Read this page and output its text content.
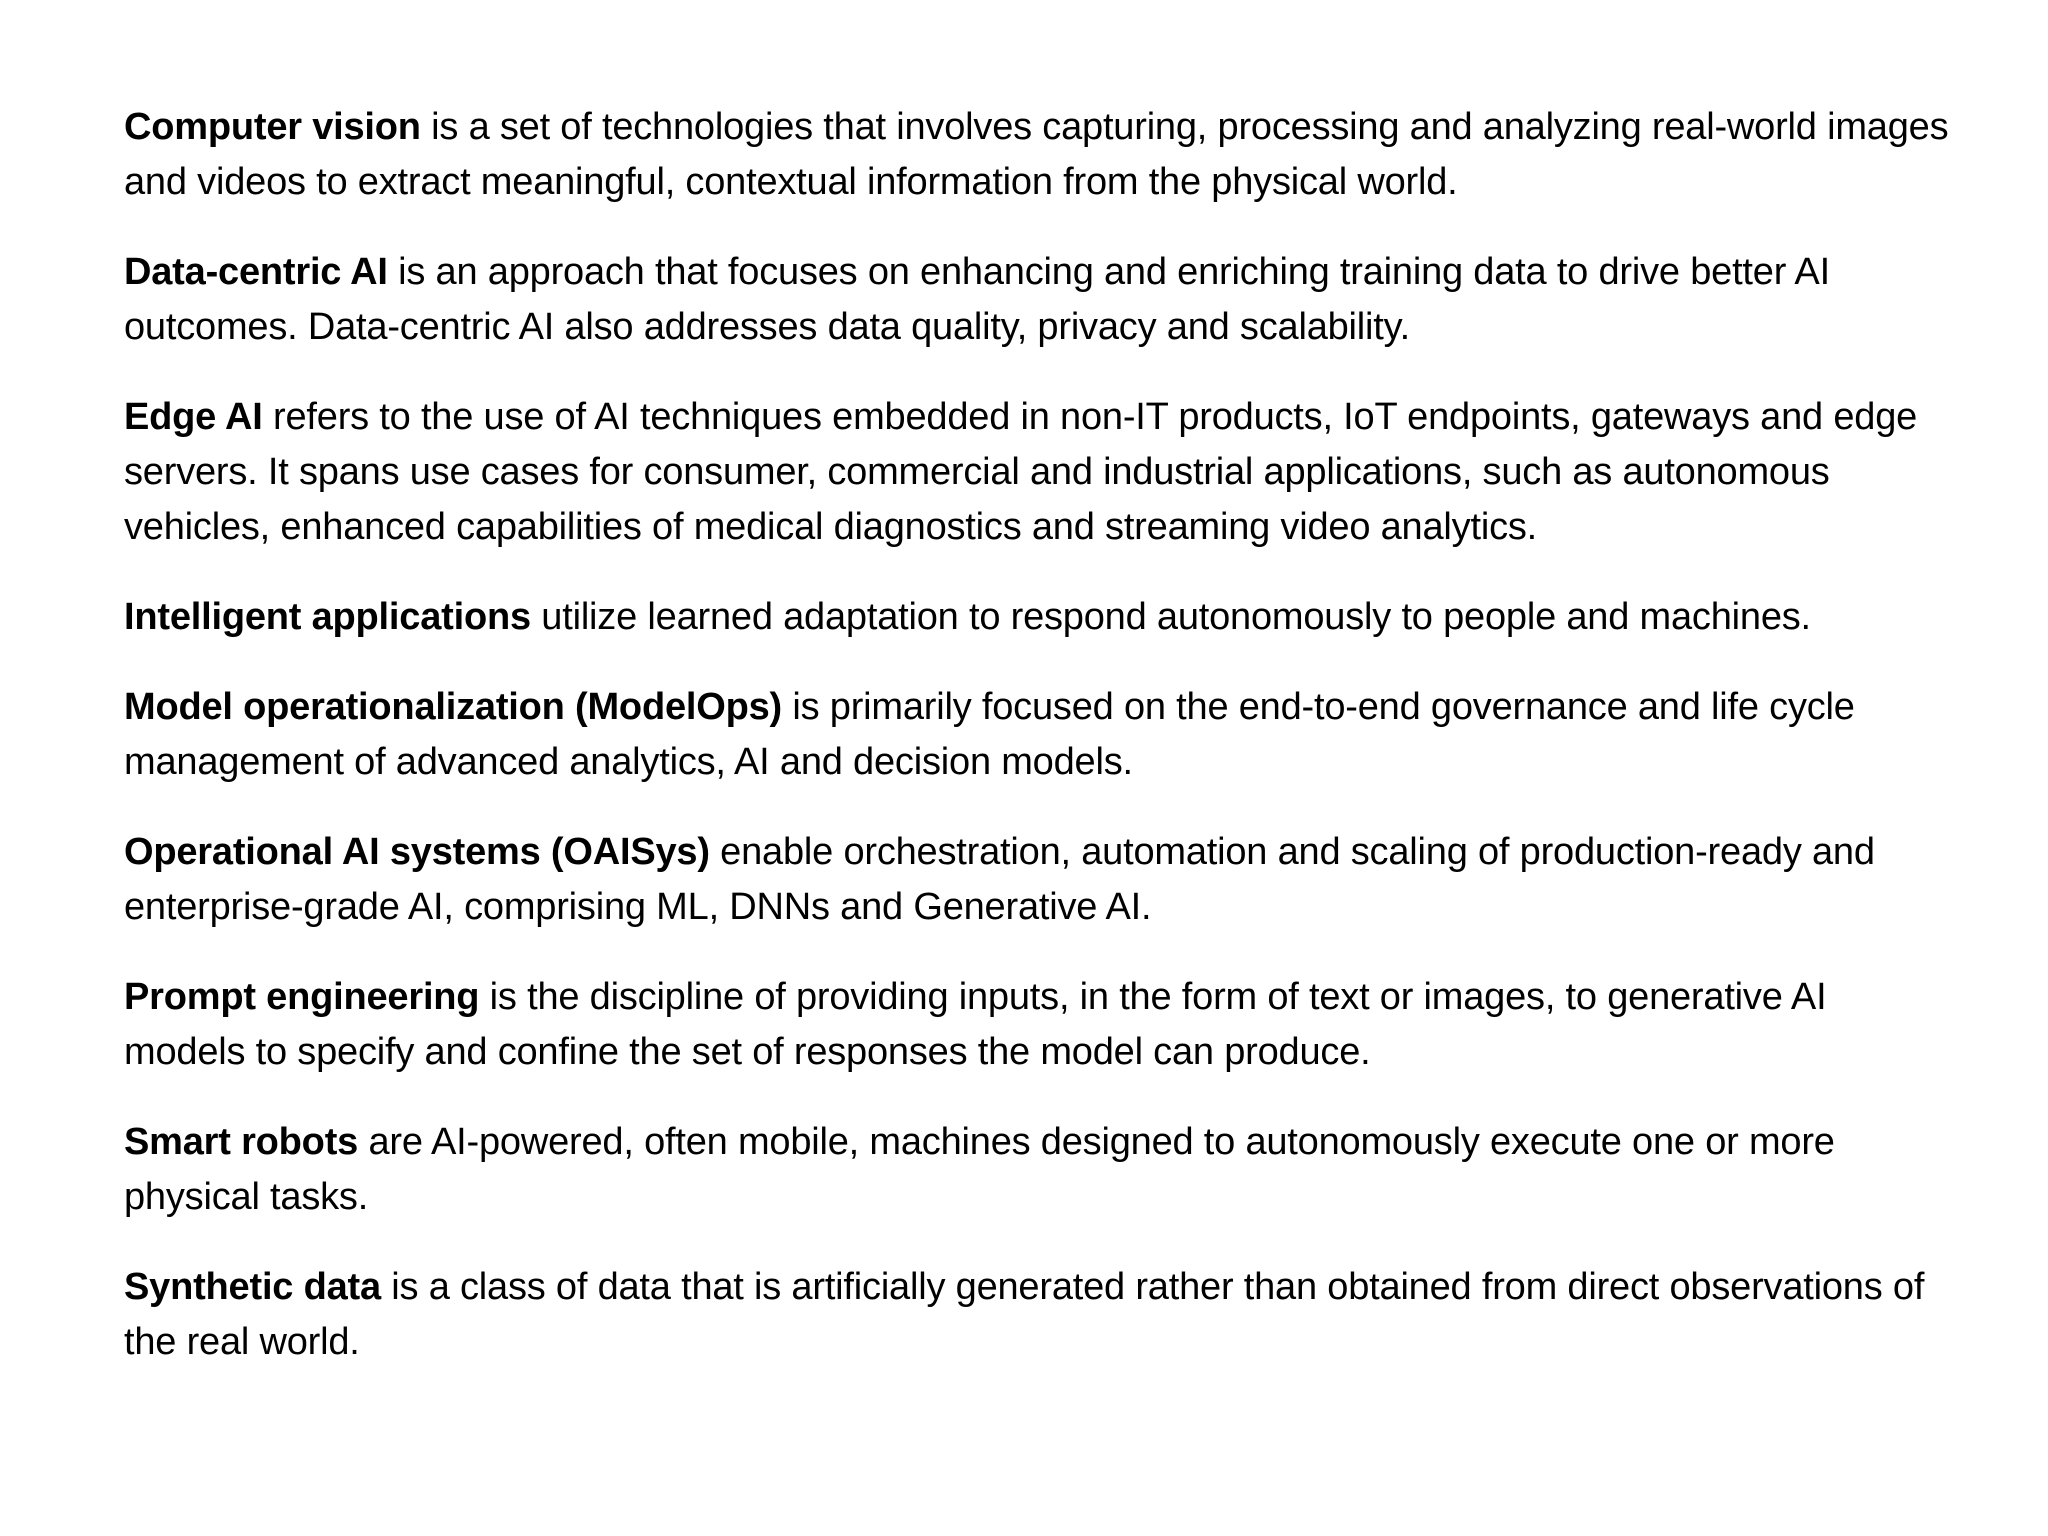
Computer vision is a set of technologies that involves capturing, processing and analyzing real-world images and videos to extract meaningful, contextual information from the physical world.

Data-centric AI is an approach that focuses on enhancing and enriching training data to drive better AI outcomes. Data-centric AI also addresses data quality, privacy and scalability.

Edge AI refers to the use of AI techniques embedded in non-IT products, IoT endpoints, gateways and edge servers. It spans use cases for consumer, commercial and industrial applications, such as autonomous vehicles, enhanced capabilities of medical diagnostics and streaming video analytics.

Intelligent applications utilize learned adaptation to respond autonomously to people and machines.

Model operationalization (ModelOps) is primarily focused on the end-to-end governance and life cycle management of advanced analytics, AI and decision models.

Operational AI systems (OAISys) enable orchestration, automation and scaling of production-ready and enterprise-grade AI, comprising ML, DNNs and Generative AI.

Prompt engineering is the discipline of providing inputs, in the form of text or images, to generative AI models to specify and confine the set of responses the model can produce.

Smart robots are AI-powered, often mobile, machines designed to autonomously execute one or more physical tasks.

Synthetic data is a class of data that is artificially generated rather than obtained from direct observations of the real world.
